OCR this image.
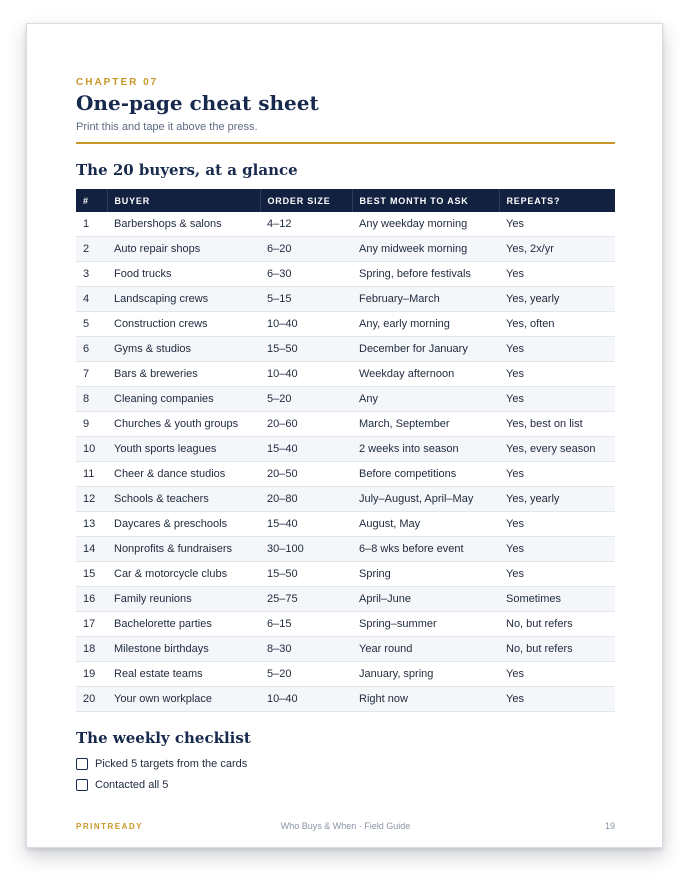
CHAPTER 07
One-page cheat sheet
Print this and tape it above the press.
The 20 buyers, at a glance
#	BUYER	ORDER SIZE	BEST MONTH TO ASK	REPEATS?
1	Barbershops & salons	4–12	Any weekday morning	Yes
2	Auto repair shops	6–20	Any midweek morning	Yes, 2x/yr
3	Food trucks	6–30	Spring, before festivals	Yes
4	Landscaping crews	5–15	February–March	Yes, yearly
5	Construction crews	10–40	Any, early morning	Yes, often
6	Gyms & studios	15–50	December for January	Yes
7	Bars & breweries	10–40	Weekday afternoon	Yes
8	Cleaning companies	5–20	Any	Yes
9	Churches & youth groups	20–60	March, September	Yes, best on list
10	Youth sports leagues	15–40	2 weeks into season	Yes, every season
11	Cheer & dance studios	20–50	Before competitions	Yes
12	Schools & teachers	20–80	July–August, April–May	Yes, yearly
13	Daycares & preschools	15–40	August, May	Yes
14	Nonprofits & fundraisers	30–100	6–8 wks before event	Yes
15	Car & motorcycle clubs	15–50	Spring	Yes
16	Family reunions	25–75	April–June	Sometimes
17	Bachelorette parties	6–15	Spring–summer	No, but refers
18	Milestone birthdays	8–30	Year round	No, but refers
19	Real estate teams	5–20	January, spring	Yes
20	Your own workplace	10–40	Right now	Yes
The weekly checklist
Picked 5 targets from the cards
Contacted all 5
PRINTREADY	Who Buys & When · Field Guide	19
